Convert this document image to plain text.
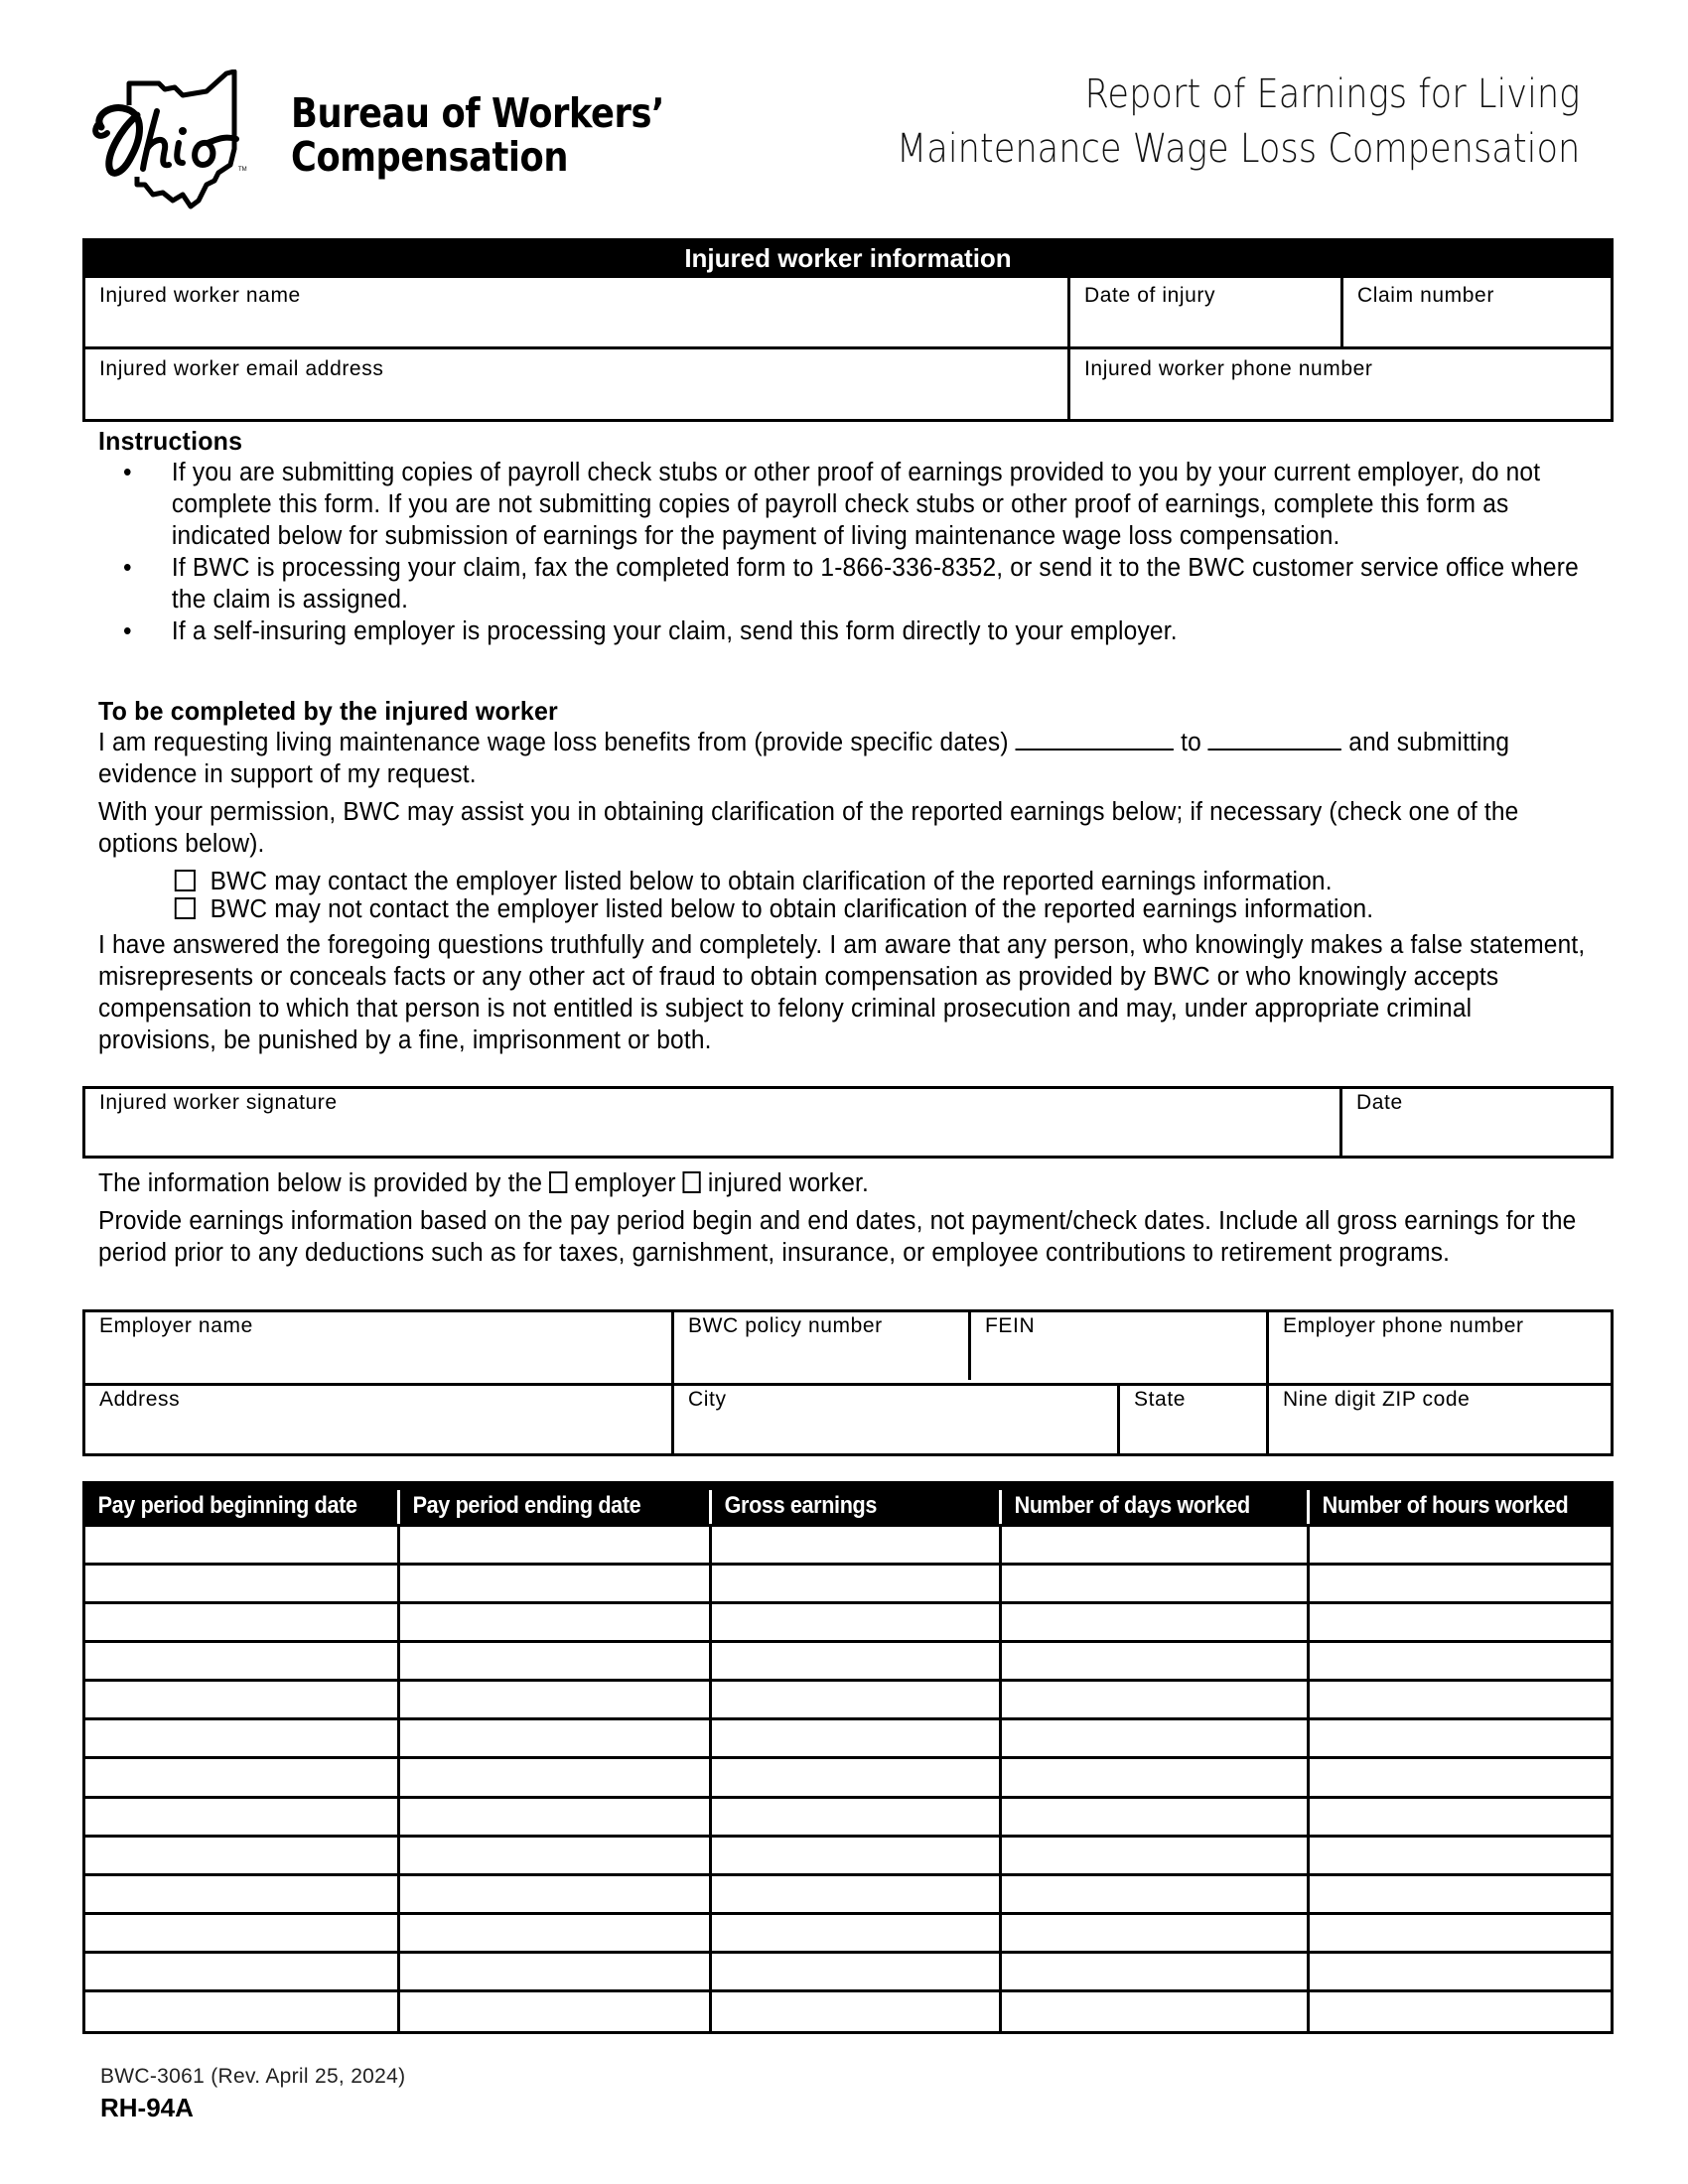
TM
Bureau of Workers’
Compensation
Report of Earnings for Living
Maintenance Wage Loss Compensation
Injured worker information
Injured worker name	Date of injury	Claim number
Injured worker email address	Injured worker phone number
Instructions
• If you are submitting copies of payroll check stubs or other proof of earnings provided to you by your current employer, do not complete this form. If you are not submitting copies of payroll check stubs or other proof of earnings, complete this form as indicated below for submission of earnings for the payment of living maintenance wage loss compensation.
• If BWC is processing your claim, fax the completed form to 1-866-336-8352, or send it to the BWC customer service office where the claim is assigned.
• If a self-insuring employer is processing your claim, send this form directly to your employer.
To be completed by the injured worker
I am requesting living maintenance wage loss benefits from (provide specific dates)	to	and submitting evidence in support of my request.
With your permission, BWC may assist you in obtaining clarification of the reported earnings below; if necessary (check one of the options below).
BWC may contact the employer listed below to obtain clarification of the reported earnings information.
BWC may not contact the employer listed below to obtain clarification of the reported earnings information.
I have answered the foregoing questions truthfully and completely. I am aware that any person, who knowingly makes a false statement, misrepresents or conceals facts or any other act of fraud to obtain compensation as provided by BWC or who knowingly accepts compensation to which that person is not entitled is subject to felony criminal prosecution and may, under appropriate criminal provisions, be punished by a fine, imprisonment or both.
Injured worker signature	Date
The information below is provided by the employer injured worker.
Provide earnings information based on the pay period begin and end dates, not payment/check dates. Include all gross earnings for the period prior to any deductions such as for taxes, garnishment, insurance, or employee contributions to retirement programs.
Employer name	BWC policy number	FEIN	Employer phone number
Address	City	State	Nine digit ZIP code
Pay period beginning date	Pay period ending date	Gross earnings	Number of days worked	Number of hours worked
BWC-3061 (Rev. April 25, 2024)
RH-94A
